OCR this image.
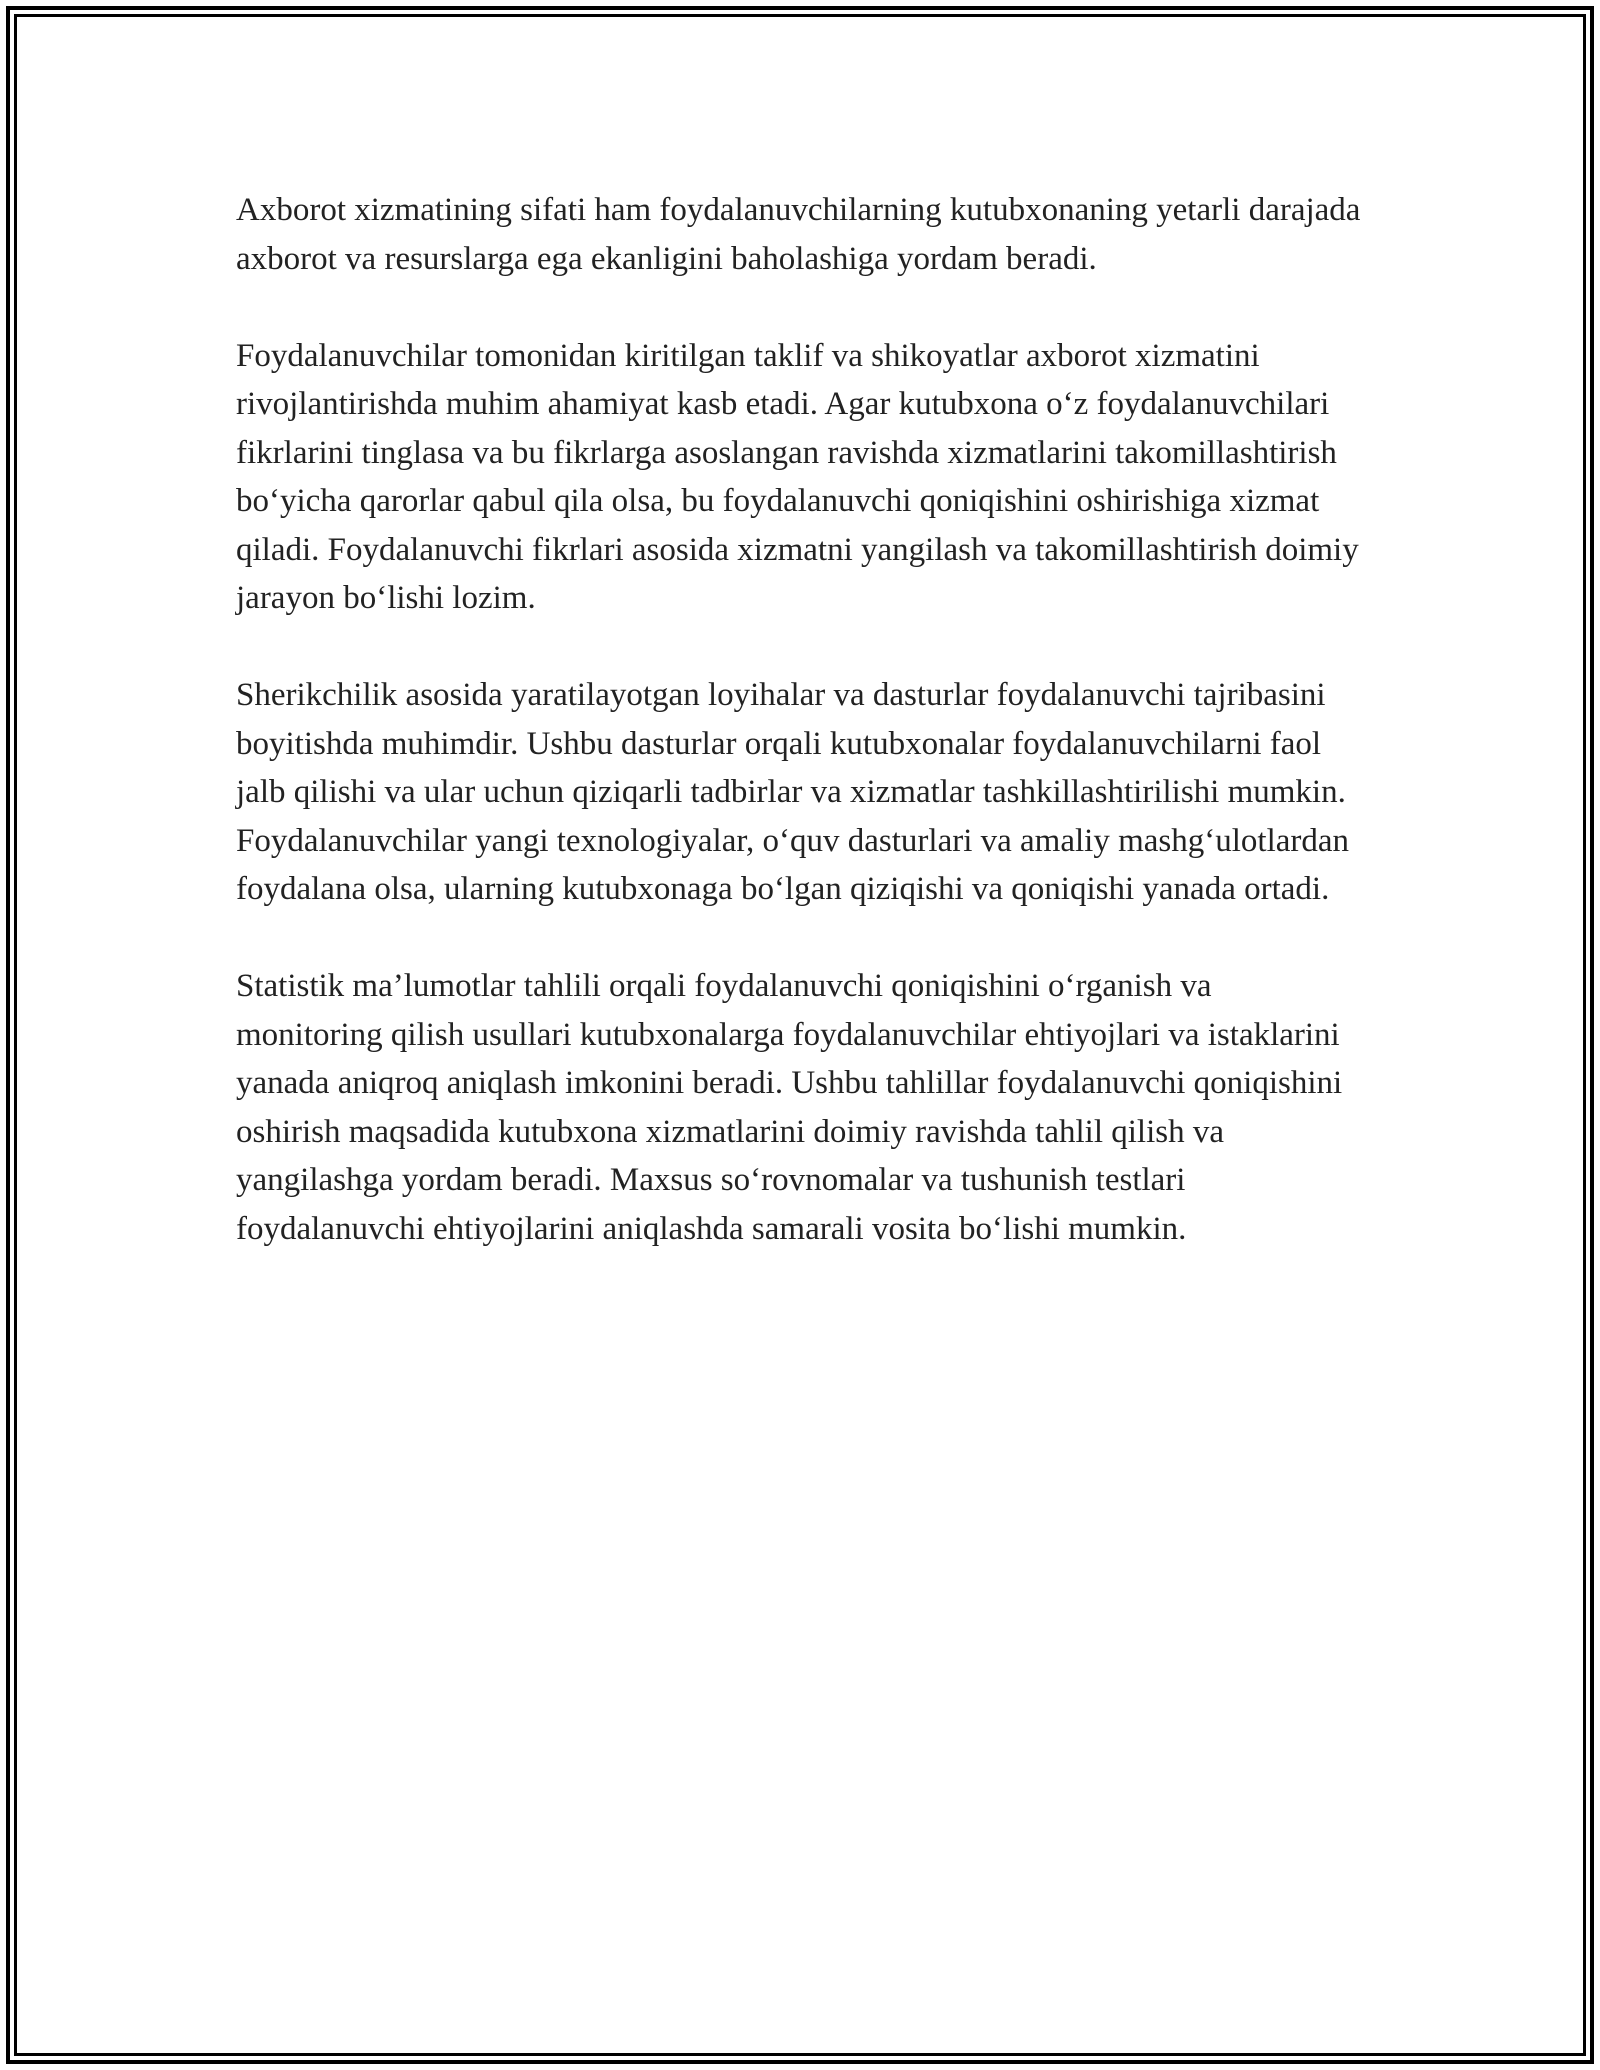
Axborot xizmatining sifati ham foydalanuvchilarning kutubxonaning yetarli darajada axborot va resurslarga ega ekanligini baholashiga yordam beradi.

Foydalanuvchilar tomonidan kiritilgan taklif va shikoyatlar axborot xizmatini rivojlantirishda muhim ahamiyat kasb etadi. Agar kutubxona o‘z foydalanuvchilari fikrlarini tinglasa va bu fikrlarga asoslangan ravishda xizmatlarini takomillashtirish bo‘yicha qarorlar qabul qila olsa, bu foydalanuvchi qoniqishini oshirishiga xizmat qiladi. Foydalanuvchi fikrlari asosida xizmatni yangilash va takomillashtirish doimiy jarayon bo‘lishi lozim.

Sherikchilik asosida yaratilayotgan loyihalar va dasturlar foydalanuvchi tajribasini boyitishda muhimdir. Ushbu dasturlar orqali kutubxonalar foydalanuvchilarni faol jalb qilishi va ular uchun qiziqarli tadbirlar va xizmatlar tashkillashtirilishi mumkin. Foydalanuvchilar yangi texnologiyalar, o‘quv dasturlari va amaliy mashg‘ulotlardan foydalana olsa, ularning kutubxonaga bo‘lgan qiziqishi va qoniqishi yanada ortadi.

Statistik ma’lumotlar tahlili orqali foydalanuvchi qoniqishini o‘rganish va monitoring qilish usullari kutubxonalarga foydalanuvchilar ehtiyojlari va istaklarini yanada aniqroq aniqlash imkonini beradi. Ushbu tahlillar foydalanuvchi qoniqishini oshirish maqsadida kutubxona xizmatlarini doimiy ravishda tahlil qilish va yangilashga yordam beradi. Maxsus so‘rovnomalar va tushunish testlari foydalanuvchi ehtiyojlarini aniqlashda samarali vosita bo‘lishi mumkin.
